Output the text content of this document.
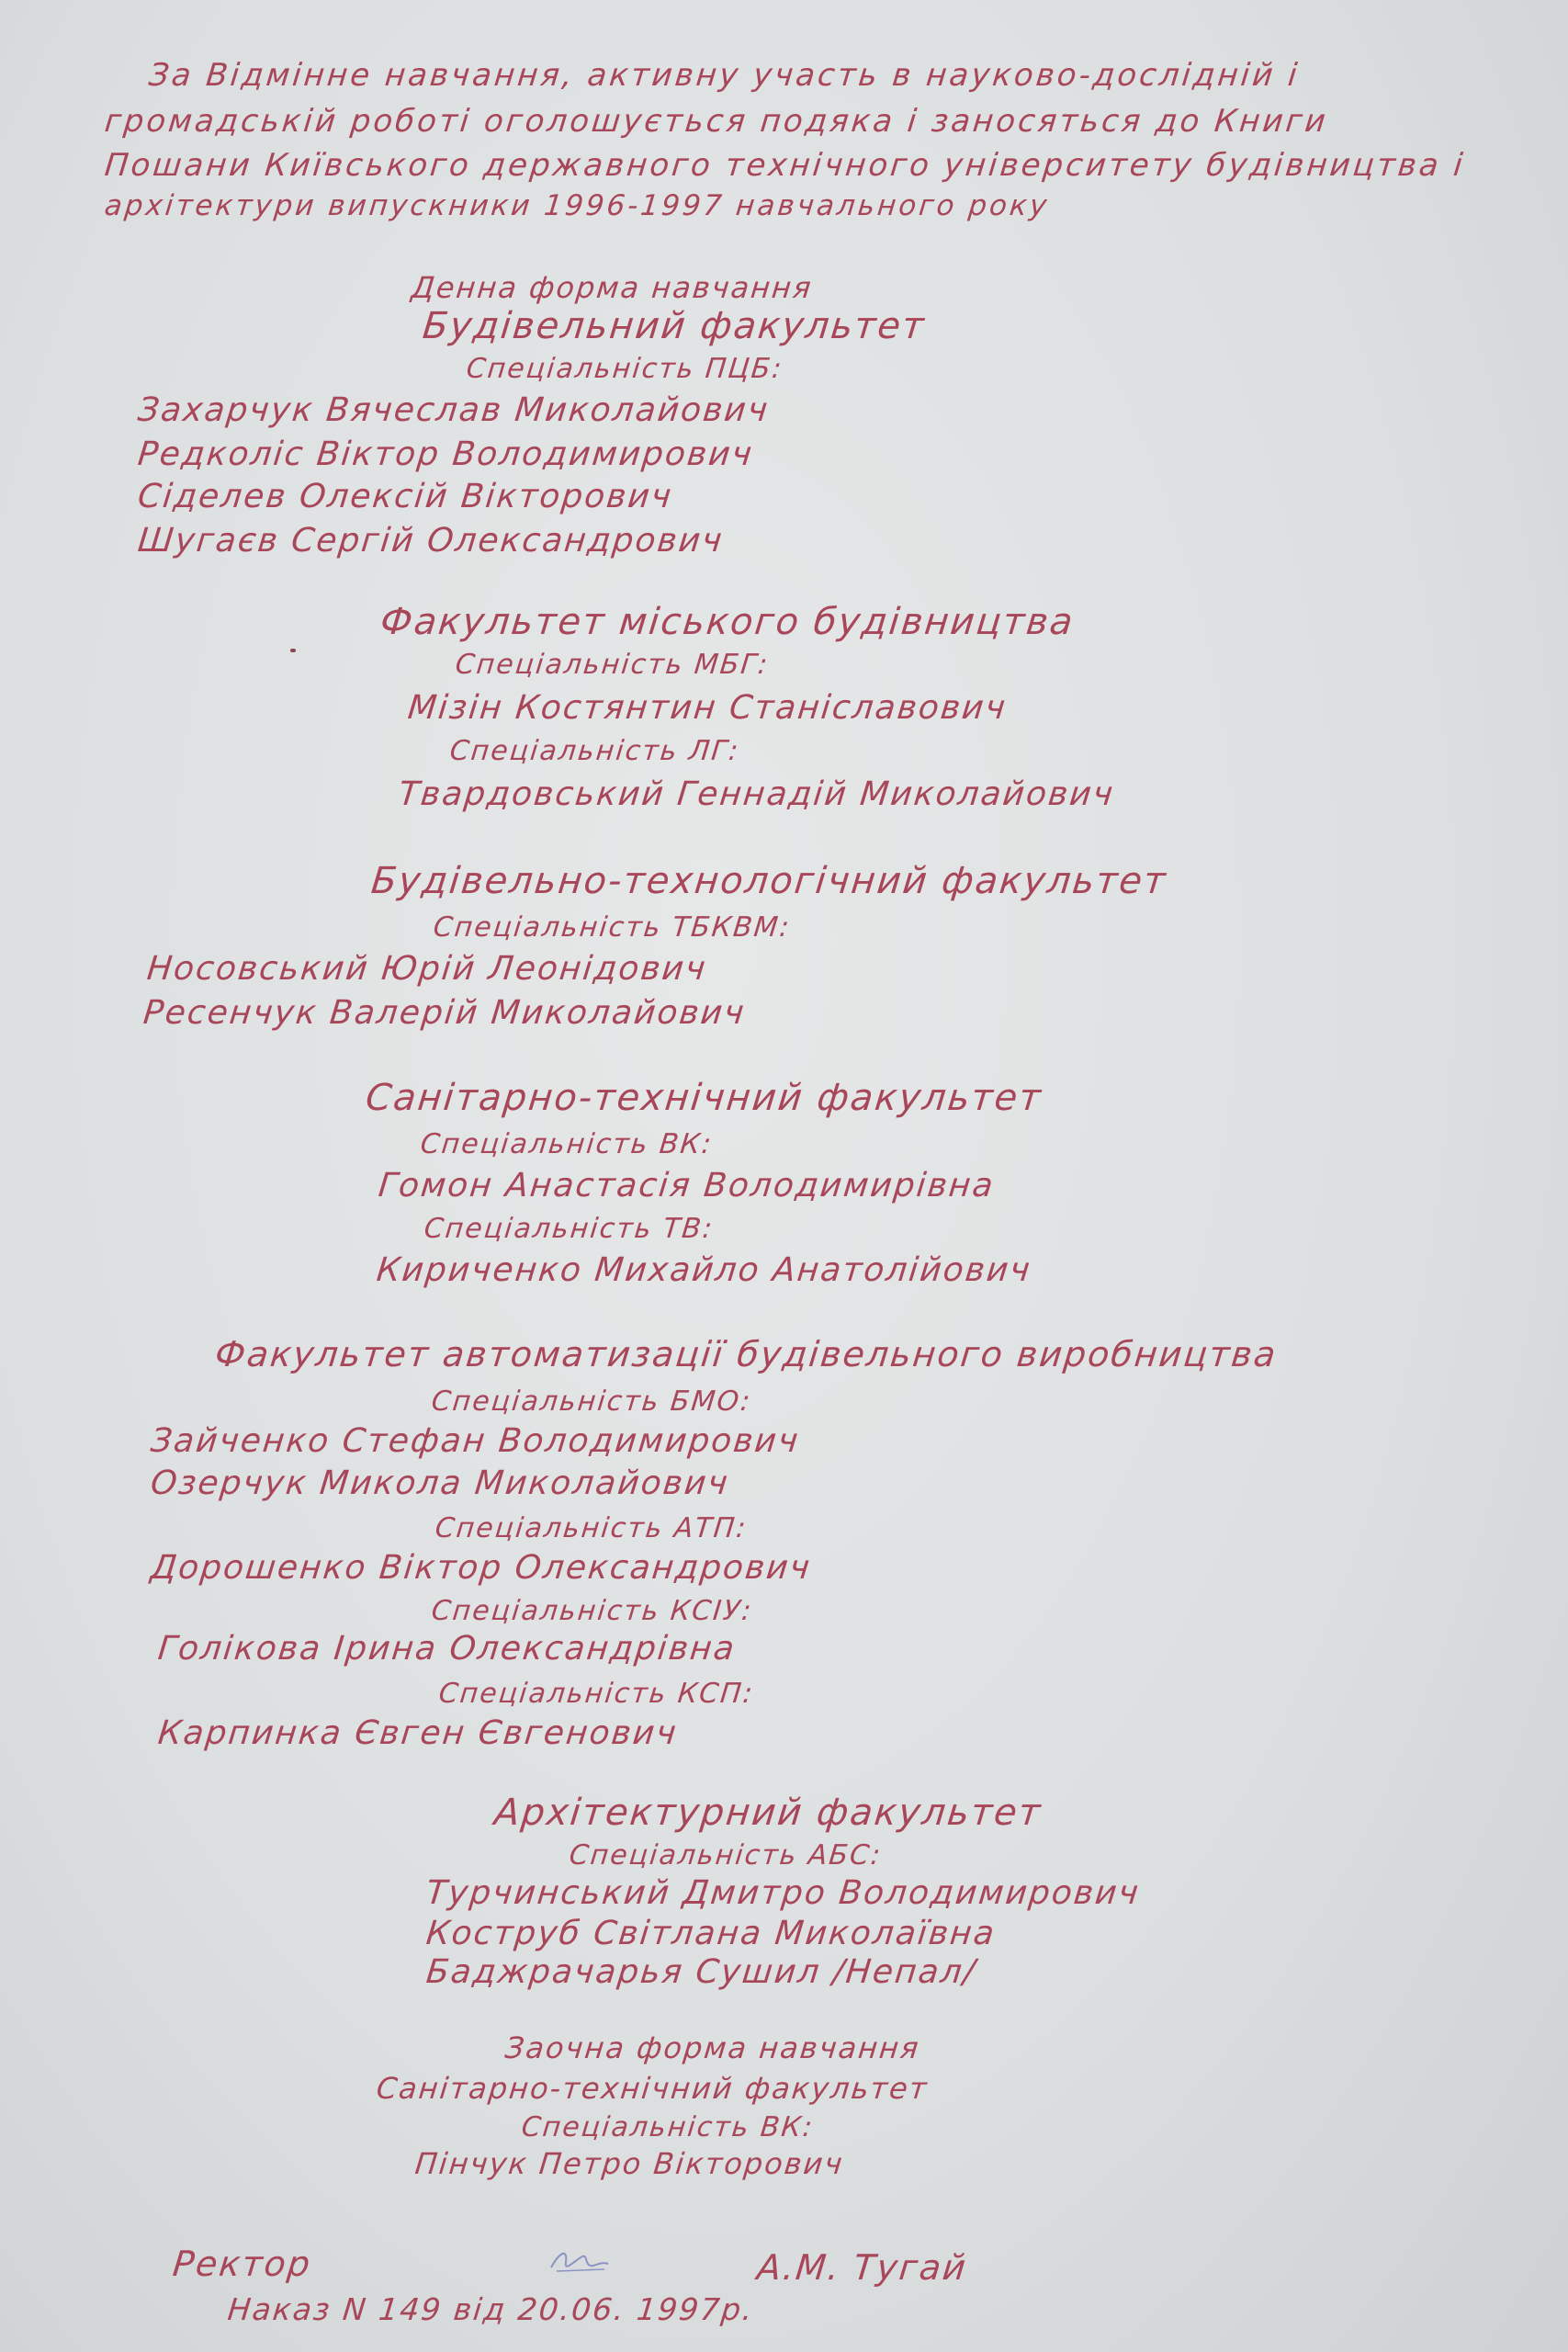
За Відмінне навчання, активну участь в науково-дослідній і
громадській роботі оголошується подяка і заносяться до Книги
Пошани Київського державного технічного університету будівництва і
архітектури випускники 1996-1997 навчального року
Денна форма навчання
Будівельний факультет
Спеціальність ПЦБ:
Захарчук Вячеслав Миколайович
Редколіс Віктор Володимирович
Сіделев Олексій Вікторович
Шугаєв Сергій Олександрович
Факультет міського будівництва
Спеціальність МБГ:
Мізін Костянтин Станіславович
Спеціальність ЛГ:
Твардовський Геннадій Миколайович
Будівельно-технологічний факультет
Спеціальність ТБКВМ:
Носовський Юрій Леонідович
Ресенчук Валерій Миколайович
Санітарно-технічний факультет
Спеціальність ВК:
Гомон Анастасія Володимирівна
Спеціальність ТВ:
Кириченко Михайло Анатолійович
Факультет автоматизації будівельного виробництва
Спеціальність БМО:
Зайченко Стефан Володимирович
Озерчук Микола Миколайович
Спеціальність АТП:
Дорошенко Віктор Олександрович
Спеціальність КСІУ:
Голікова Ірина Олександрівна
Спеціальність КСП:
Карпинка Євген Євгенович
Архітектурний факультет
Спеціальність АБС:
Турчинський Дмитро Володимирович
Коструб Світлана Миколаївна
Баджрачарья Сушил /Непал/
Заочна форма навчання
Санітарно-технічний факультет
Спеціальність ВК:
Пінчук Петро Вікторович
Ректор	А.М. Тугай
Наказ N 149 від 20.06. 1997р.
